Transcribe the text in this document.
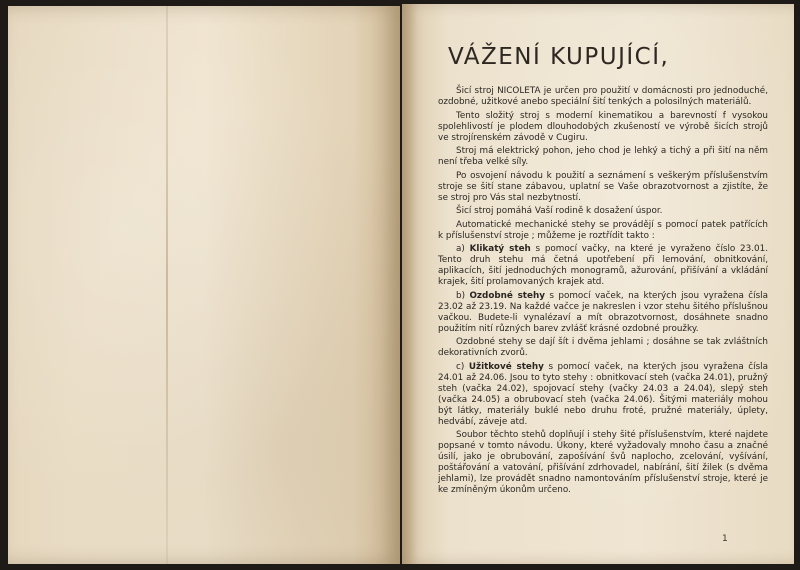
VÁŽENÍ KUPUJÍCÍ,

Šicí stroj NICOLETA je určen pro použití v domácnosti pro jednoduché, ozdobné, užitkové anebo speciální šití tenkých a polosilných materiálů.

Tento složitý stroj s moderní kinematikou a barevností f vysokou spolehlivostí je plodem dlouhodobých zkušeností ve výrobě šicích strojů ve strojírenském závodě v Cugiru.

Stroj má elektrický pohon, jeho chod je lehký a tichý a při šití na něm není třeba velké síly.

Po osvojení návodu k použití a seznámení s veškerým příslušenstvím stroje se šití stane zábavou, uplatní se Vaše obrazotvornost a zjistíte, že se stroj pro Vás stal nezbytností.

Šicí stroj pomáhá Vaší rodině k dosažení úspor.

Automatické mechanické stehy se provádějí s pomocí patek patřících k příslušenství stroje ; můžeme je roztřídit takto :

a) Klikatý steh s pomocí vačky, na které je vyraženo číslo 23.01. Tento druh stehu má četná upotřebení při lemování, obnitkování, aplikacích, šití jednoduchých monogramů, ažurování, přišívání a vkládání krajek, šití prolamovaných krajek atd.

b) Ozdobné stehy s pomocí vaček, na kterých jsou vyražena čísla 23.02 až 23.19. Na každé vačce je nakreslen i vzor stehu šitého příslušnou vačkou. Budete-li vynalézaví a mít obrazotvornost, dosáhnete snadno použitím nití různých barev zvlášť krásné ozdobné proužky.

Ozdobné stehy se dají šít i dvěma jehlami ; dosáhne se tak zvláštních dekorativních zvorů.

c) Užitkové stehy s pomocí vaček, na kterých jsou vyražena čísla 24.01 až 24.06. Jsou to tyto stehy : obnitkovací steh (vačka 24.01), pružný steh (vačka 24.02), spojovací stehy (vačky 24.03 a 24.04), slepý steh (vačka 24.05) a obrubovací steh (vačka 24.06). Šitými materiály mohou být látky, materiály buklé nebo druhu froté, pružné materiály, úplety, hedvábí, záveje atd.

Soubor těchto stehů doplňují i stehy šité příslušenstvím, které najdete popsané v tomto návodu. Úkony, které vyžadovaly mnoho času a značné úsilí, jako je obrubování, zapošívání švů naplocho, zcelování, vyšívání, poštářování a vatování, přišívání zdrhovadel, nabírání, šití žilek (s dvěma jehlami), lze provádět snadno namontováním příslušenství stroje, které je ke zmíněným úkonům určeno.

1
